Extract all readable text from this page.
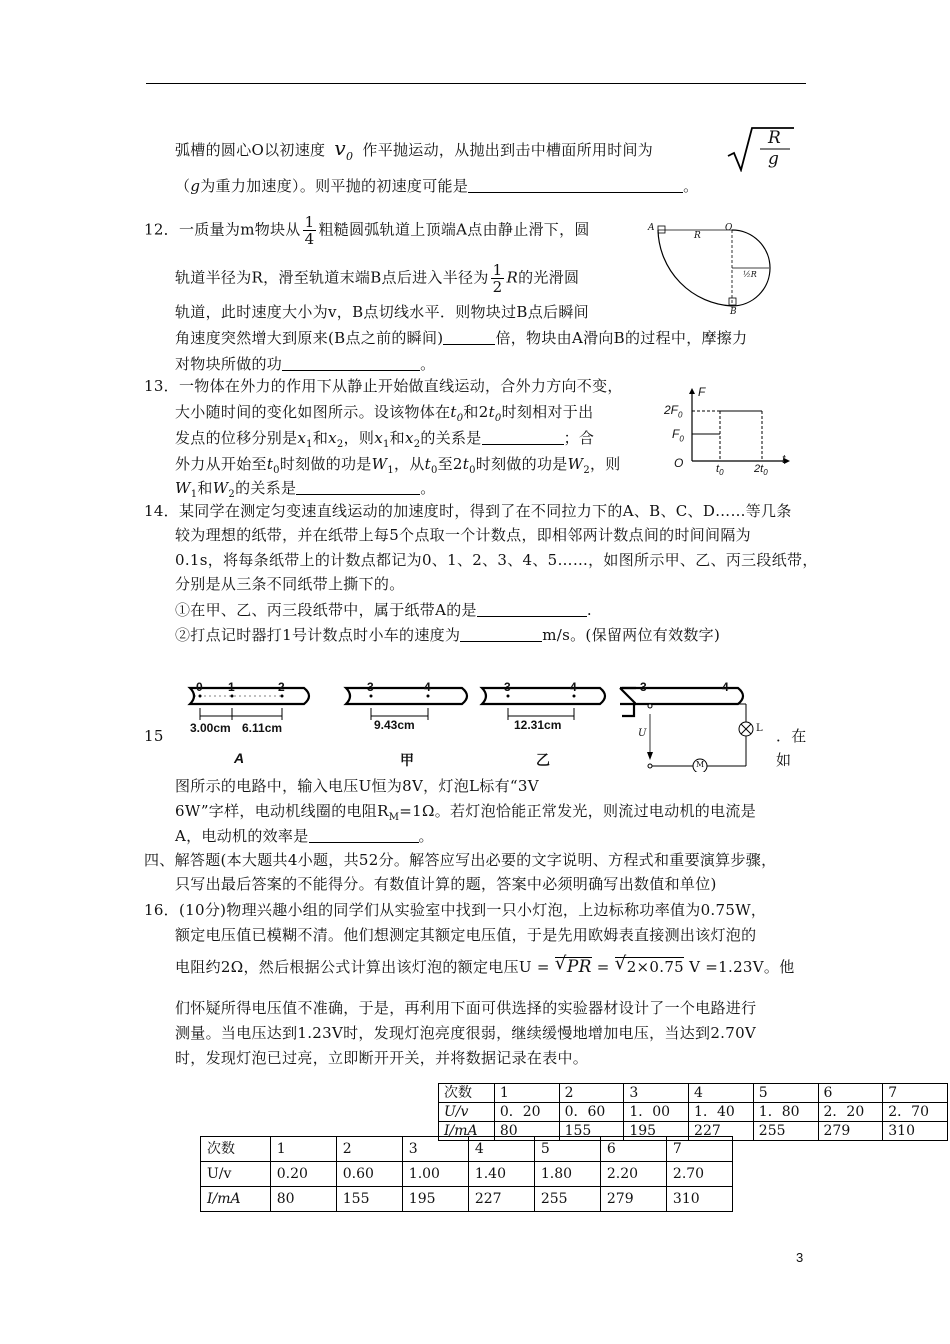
弧槽的圆心O以初速度 $v_0$ 作平抛运动，从抛出到击中槽面所用时间为
R
g
（g为重力加速度）。则平抛的初速度可能是	。
12．一质量为m物块从 $\frac{1}{4}$ 粗糙圆弧轨道上顶端A点由静止滑下，圆
轨道半径为R，滑至轨道末端B点后进入半径为 $\frac{1}{2}$ R的光滑圆
轨道，此时速度大小为v，B点切线水平．则物块过B点后瞬间
角速度突然增大到原来(B点之前的瞬间)	倍，物块由A滑向B的过程中，摩擦力
对物块所做的功	。
A
R
O
½R
B
13．一物体在外力的作用下从静止开始做直线运动，合外力方向不变，
大小随时间的变化如图所示。设该物体在$t_0$和$2t_0$时刻相对于出
发点的位移分别是$x_1$和$x_2$，则$x_1$和$x_2$的关系是	；合
外力从开始至$t_0$时刻做的功是$W_1$，从$t_0$至$2t_0$时刻做的功是$W_2$，则
$W_1$和$W_2$的关系是	。
F
$2F_0$
$F_0$
O	$t_0$	$2t_0$
t
14．某同学在测定匀变速直线运动的加速度时，得到了在不同拉力下的A、B、C、D……等几条
较为理想的纸带，并在纸带上每5个点取一个计数点，即相邻两计数点间的时间间隔为
0.1s，将每条纸带上的计数点都记为0、1、2、3、4、5……，如图所示甲、乙、丙三段纸带，
分别是从三条不同纸带上撕下的。
①在甲、乙、丙三段纸带中，属于纸带A的是	.
②打点记时器打1号计数点时小车的速度为	m/s。(保留两位有效数字)
0 1	2
3.00cm 6.11cm
A
3	4
9.43cm
甲
3	4
12.31cm
乙
3	4
U	L
M
15	．在
如
图所示的电路中，输入电压U恒为8V，灯泡L标有“3V
6W”字样，电动机线圈的电阻$R_M=1\Omega$。若灯泡恰能正常发光，则流过电动机的电流是
A，电动机的效率是	。
四、解答题(本大题共4小题，共52分。解答应写出必要的文字说明、方程式和重要演算步骤，
只写出最后答案的不能得分。有数值计算的题，答案中必须明确写出数值和单位)
16．(10分)物理兴趣小组的同学们从实验室中找到一只小灯泡，上边标称功率值为0.75W，
额定电压值已模糊不清。他们想测定其额定电压值，于是先用欧姆表直接测出该灯泡的
电阻约2Ω，然后根据公式计算出该灯泡的额定电压U = √ PR = √ 2×0.75 V =1.23V。他
们怀疑所得电压值不准确，于是，再利用下面可供选择的实验器材设计了一个电路进行
测量。当电压达到1.23V时，发现灯泡亮度很弱，继续缓慢地增加电压，当达到2.70V
时，发现灯泡已过亮，立即断开开关，并将数据记录在表中。
次数	1	2	3	4	5	6	7
U/v	0．20	0．60	1．00	1．40	1．80	2．20	2．70
I/mA	80	155	195	227	255	279	310
次数	1	2	3	4	5	6	7
U/v	0.20	0.60	1.00	1.40	1.80	2.20	2.70
I/mA	80	155	195	227	255	279	310
3
